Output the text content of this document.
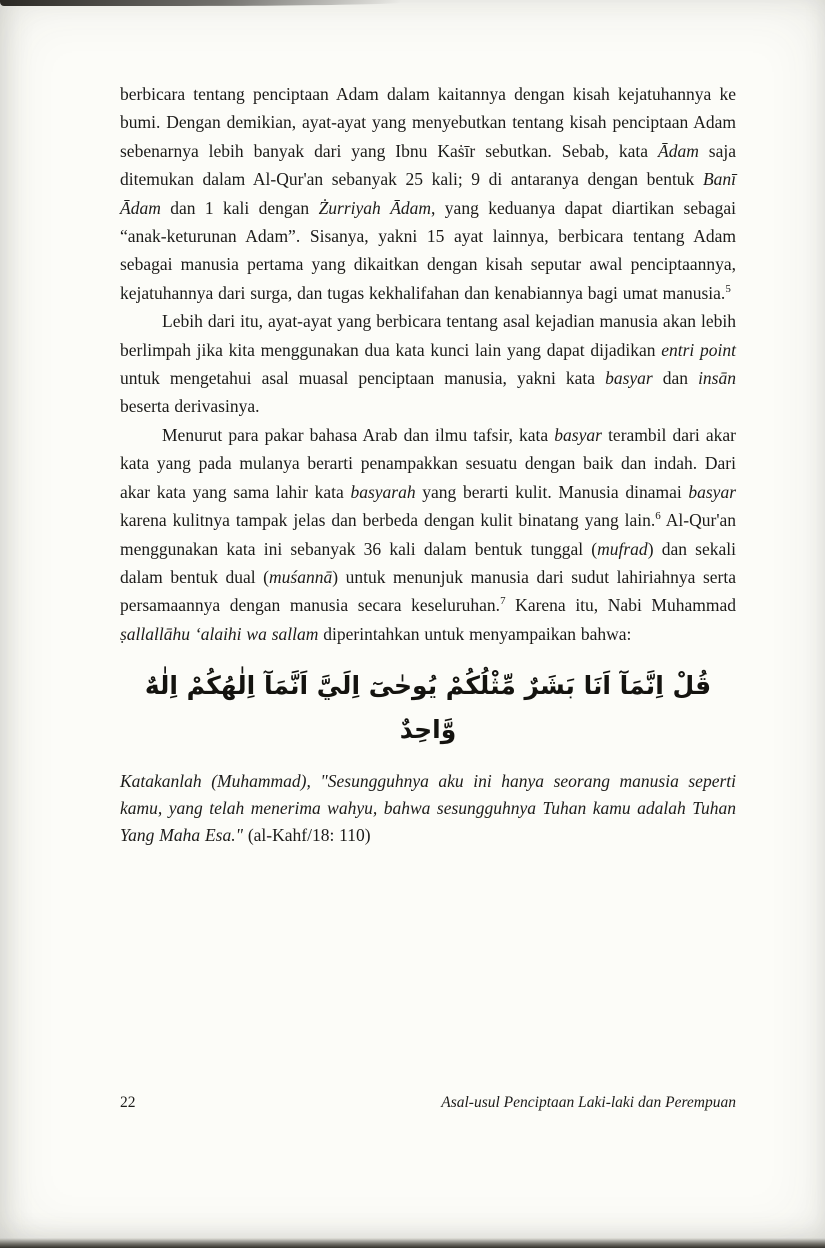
berbicara tentang penciptaan Adam dalam kaitannya dengan kisah kejatuhannya ke bumi. Dengan demikian, ayat-ayat yang menyebutkan tentang kisah penciptaan Adam sebenarnya lebih banyak dari yang Ibnu Kaṡīr sebutkan. Sebab, kata Ādam saja ditemukan dalam Al-Qur'an sebanyak 25 kali; 9 di antaranya dengan bentuk Banī Ādam dan 1 kali dengan Żurriyah Ādam, yang keduanya dapat diartikan sebagai “anak-keturunan Adam”. Sisanya, yakni 15 ayat lainnya, berbicara tentang Adam sebagai manusia pertama yang dikaitkan dengan kisah seputar awal penciptaannya, kejatuhannya dari surga, dan tugas kekhalifahan dan kenabiannya bagi umat manusia.$^5$

Lebih dari itu, ayat-ayat yang berbicara tentang asal kejadian manusia akan lebih berlimpah jika kita menggunakan dua kata kunci lain yang dapat dijadikan entri point untuk mengetahui asal muasal penciptaan manusia, yakni kata basyar dan insān beserta derivasinya.

Menurut para pakar bahasa Arab dan ilmu tafsir, kata basyar terambil dari akar kata yang pada mulanya berarti penampakkan sesuatu dengan baik dan indah. Dari akar kata yang sama lahir kata basyarah yang berarti kulit. Manusia dinamai basyar karena kulitnya tampak jelas dan berbeda dengan kulit binatang yang lain.$^6$ Al-Qur'an menggunakan kata ini sebanyak 36 kali dalam bentuk tunggal (mufrad) dan sekali dalam bentuk dual (muśannā) untuk menunjuk manusia dari sudut lahiriahnya serta persamaannya dengan manusia secara keseluruhan.$^7$ Karena itu, Nabi Muhammad ṣallallāhu ‘alaihi wa sallam diperintahkan untuk menyampaikan bahwa:

قُلْ اِنَّمَآ اَنَا بَشَرٌ مِّثْلُكُمْ يُوحٰىٓ اِلَيَّ اَنَّمَآ اِلٰهُكُمْ اِلٰهٌ وَّاحِدٌ

Katakanlah (Muhammad), "Sesungguhnya aku ini hanya seorang manusia seperti kamu, yang telah menerima wahyu, bahwa sesungguhnya Tuhan kamu adalah Tuhan Yang Maha Esa." (al-Kahf/18: 110)

22	Asal-usul Penciptaan Laki-laki dan Perempuan
